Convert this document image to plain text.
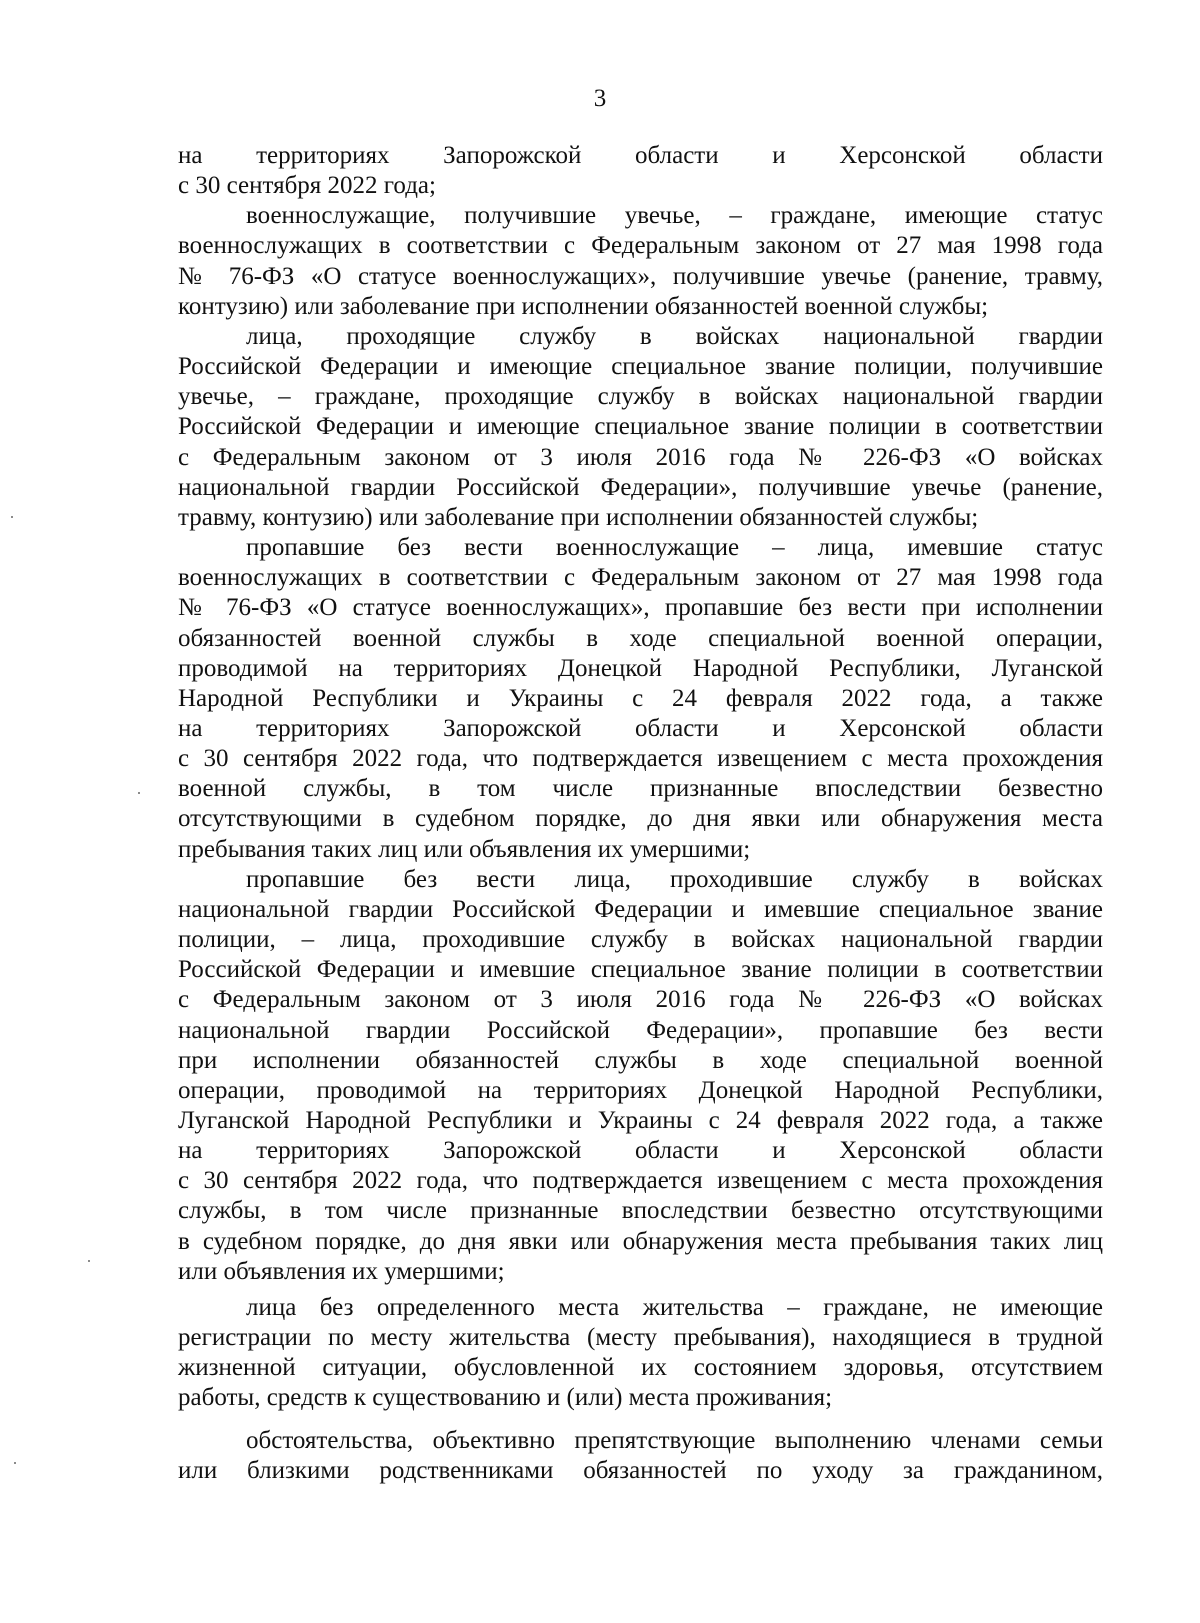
3

на территориях Запорожской области и Херсонской области
с 30 сентября 2022 года;

военнослужащие, получившие увечье, – граждане, имеющие статус
военнослужащих в соответствии с Федеральным законом от 27 мая 1998 года
№ 76-ФЗ «О статусе военнослужащих», получившие увечье (ранение, травму,
контузию) или заболевание при исполнении обязанностей военной службы;

лица, проходящие службу в войсках национальной гвардии
Российской Федерации и имеющие специальное звание полиции, получившие
увечье, – граждане, проходящие службу в войсках национальной гвардии
Российской Федерации и имеющие специальное звание полиции в соответствии
с Федеральным законом от 3 июля 2016 года № 226-ФЗ «О войсках
национальной гвардии Российской Федерации», получившие увечье (ранение,
травму, контузию) или заболевание при исполнении обязанностей службы;

пропавшие без вести военнослужащие – лица, имевшие статус
военнослужащих в соответствии с Федеральным законом от 27 мая 1998 года
№ 76-ФЗ «О статусе военнослужащих», пропавшие без вести при исполнении
обязанностей военной службы в ходе специальной военной операции,
проводимой на территориях Донецкой Народной Республики, Луганской
Народной Республики и Украины с 24 февраля 2022 года, а также
на территориях Запорожской области и Херсонской области
с 30 сентября 2022 года, что подтверждается извещением с места прохождения
военной службы, в том числе признанные впоследствии безвестно
отсутствующими в судебном порядке, до дня явки или обнаружения места
пребывания таких лиц или объявления их умершими;

пропавшие без вести лица, проходившие службу в войсках
национальной гвардии Российской Федерации и имевшие специальное звание
полиции, – лица, проходившие службу в войсках национальной гвардии
Российской Федерации и имевшие специальное звание полиции в соответствии
с Федеральным законом от 3 июля 2016 года № 226-ФЗ «О войсках
национальной гвардии Российской Федерации», пропавшие без вести
при исполнении обязанностей службы в ходе специальной военной
операции, проводимой на территориях Донецкой Народной Республики,
Луганской Народной Республики и Украины с 24 февраля 2022 года, а также
на территориях Запорожской области и Херсонской области
с 30 сентября 2022 года, что подтверждается извещением с места прохождения
службы, в том числе признанные впоследствии безвестно отсутствующими
в судебном порядке, до дня явки или обнаружения места пребывания таких лиц
или объявления их умершими;

лица без определенного места жительства – граждане, не имеющие
регистрации по месту жительства (месту пребывания), находящиеся в трудной
жизненной ситуации, обусловленной их состоянием здоровья, отсутствием
работы, средств к существованию и (или) места проживания;

обстоятельства, объективно препятствующие выполнению членами семьи
или близкими родственниками обязанностей по уходу за гражданином,
